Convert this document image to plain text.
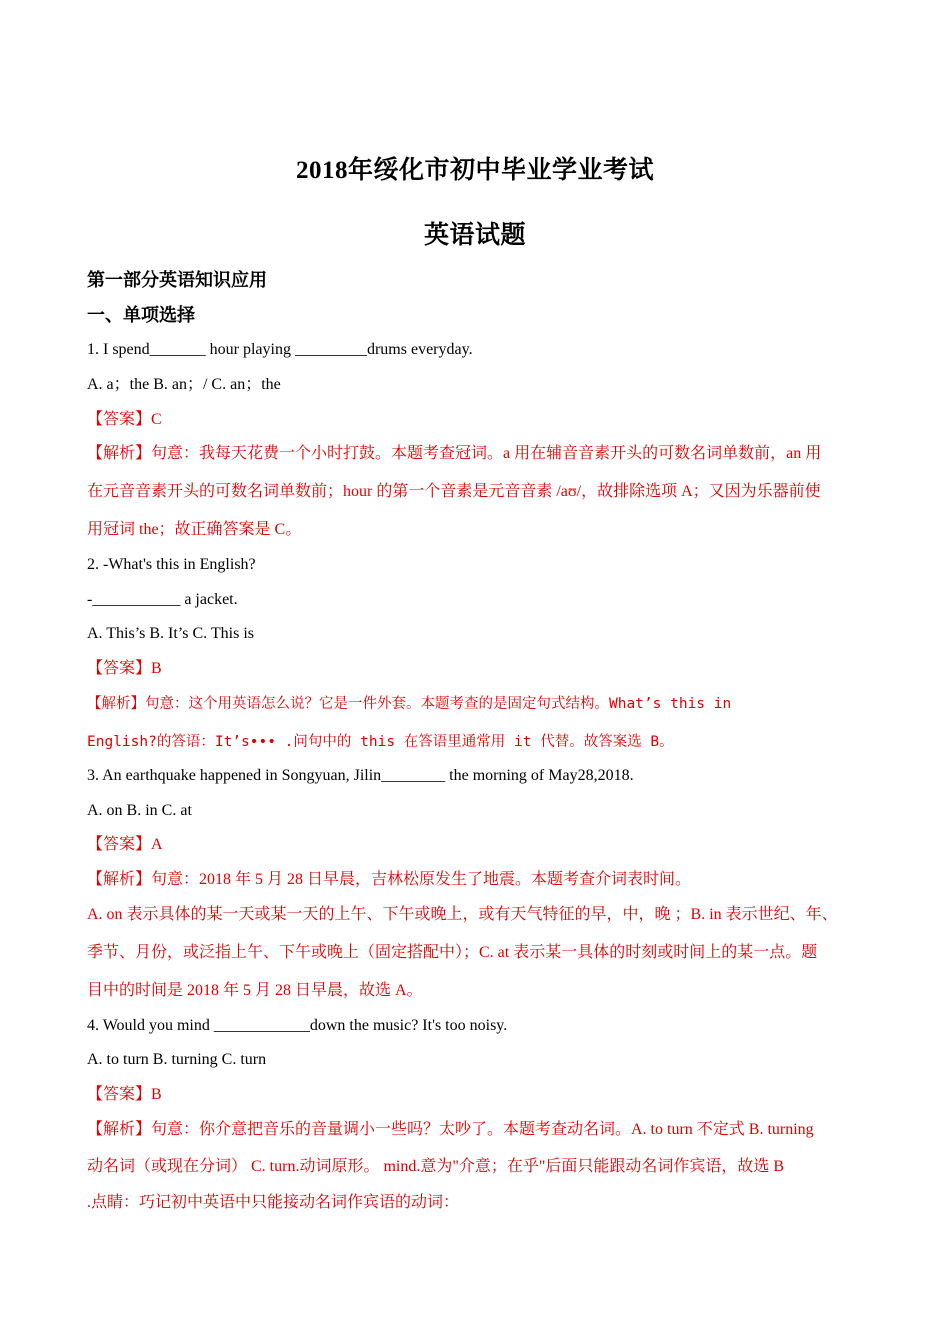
2018年绥化市初中毕业学业考试
英语试题
第一部分英语知识应用
一、单项选择
1. I spend_______ hour playing _________drums everyday.
A. a；the B. an；/ C. an；the
【答案】C
【解析】句意：我每天花费一个小时打鼓。本题考查冠词。a 用在辅音音素开头的可数名词单数前，an 用
在元音音素开头的可数名词单数前；hour 的第一个音素是元音音素 /aʊ/，故排除选项 A；又因为乐器前使
用冠词 the；故正确答案是 C。
2. -What's this in English?
-___________ a jacket.
A. This’s B. It’s C. This is
【答案】B
【解析】句意：这个用英语怎么说？它是一件外套。本题考查的是固定句式结构。What’s this in
English?的答语：It’s••• .问句中的 this 在答语里通常用 it 代替。故答案选 B。
3. An earthquake happened in Songyuan, Jilin________ the morning of May28,2018.
A. on B. in C. at
【答案】A
【解析】句意：2018 年 5 月 28 日早晨，吉林松原发生了地震。本题考查介词表时间。
A. on 表示具体的某一天或某一天的上午、下午或晚上，或有天气特征的早，中，晚 ；B. in 表示世纪、年、
季节、月份，或泛指上午、下午或晚上（固定搭配中）；C. at 表示某一具体的时刻或时间上的某一点。题
目中的时间是 2018 年 5 月 28 日早晨，故选 A。
4. Would you mind ____________down the music? It's too noisy.
A. to turn B. turning C. turn
【答案】B
【解析】句意：你介意把音乐的音量调小一些吗？太吵了。本题考查动名词。A. to turn 不定式 B. turning
动名词（或现在分词） C. turn.动词原形。 mind.意为"介意；在乎"后面只能跟动名词作宾语，故选 B
.点睛：巧记初中英语中只能接动名词作宾语的动词：
